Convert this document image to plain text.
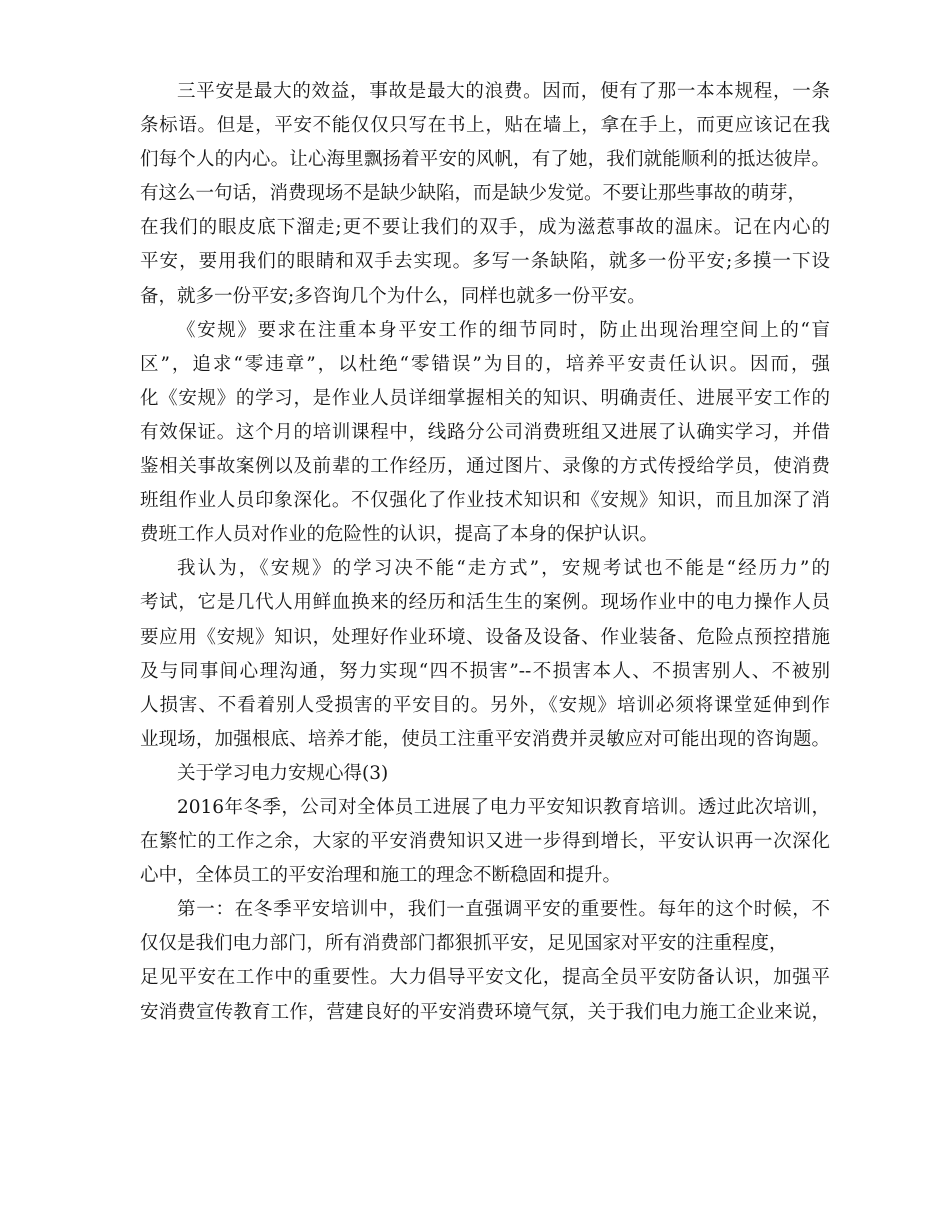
三平安是最大的效益，事故是最大的浪费。因而，便有了那一本本规程，一条
条标语。但是，平安不能仅仅只写在书上，贴在墙上，拿在手上，而更应该记在我
们每个人的内心。让心海里飘扬着平安的风帆，有了她，我们就能顺利的抵达彼岸。
有这么一句话，消费现场不是缺少缺陷，而是缺少发觉。不要让那些事故的萌芽，
在我们的眼皮底下溜走;更不要让我们的双手，成为滋惹事故的温床。记在内心的
平安，要用我们的眼睛和双手去实现。多写一条缺陷，就多一份平安;多摸一下设
备，就多一份平安;多咨询几个为什么，同样也就多一份平安。
《安规》要求在注重本身平安工作的细节同时，防止出现治理空间上的“盲
区”，追求“零违章”，以杜绝“零错误”为目的，培养平安责任认识。因而，强
化《安规》的学习，是作业人员详细掌握相关的知识、明确责任、进展平安工作的
有效保证。这个月的培训课程中，线路分公司消费班组又进展了认确实学习，并借
鉴相关事故案例以及前辈的工作经历，通过图片、录像的方式传授给学员，使消费
班组作业人员印象深化。不仅强化了作业技术知识和《安规》知识，而且加深了消
费班工作人员对作业的危险性的认识，提高了本身的保护认识。
我认为，《安规》的学习决不能“走方式”，安规考试也不能是“经历力”的
考试，它是几代人用鲜血换来的经历和活生生的案例。现场作业中的电力操作人员
要应用《安规》知识，处理好作业环境、设备及设备、作业装备、危险点预控措施
及与同事间心理沟通，努力实现“四不损害”--不损害本人、不损害别人、不被别
人损害、不看着别人受损害的平安目的。另外，《安规》培训必须将课堂延伸到作
业现场，加强根底、培养才能，使员工注重平安消费并灵敏应对可能出现的咨询题。
关于学习电力安规心得(3)
2016年冬季，公司对全体员工进展了电力平安知识教育培训。透过此次培训，
在繁忙的工作之余，大家的平安消费知识又进一步得到增长，平安认识再一次深化
心中，全体员工的平安治理和施工的理念不断稳固和提升。
第一：在冬季平安培训中，我们一直强调平安的重要性。每年的这个时候，不
仅仅是我们电力部门，所有消费部门都狠抓平安，足见国家对平安的注重程度，
足见平安在工作中的重要性。大力倡导平安文化，提高全员平安防备认识，加强平
安消费宣传教育工作，营建良好的平安消费环境气氛，关于我们电力施工企业来说，
